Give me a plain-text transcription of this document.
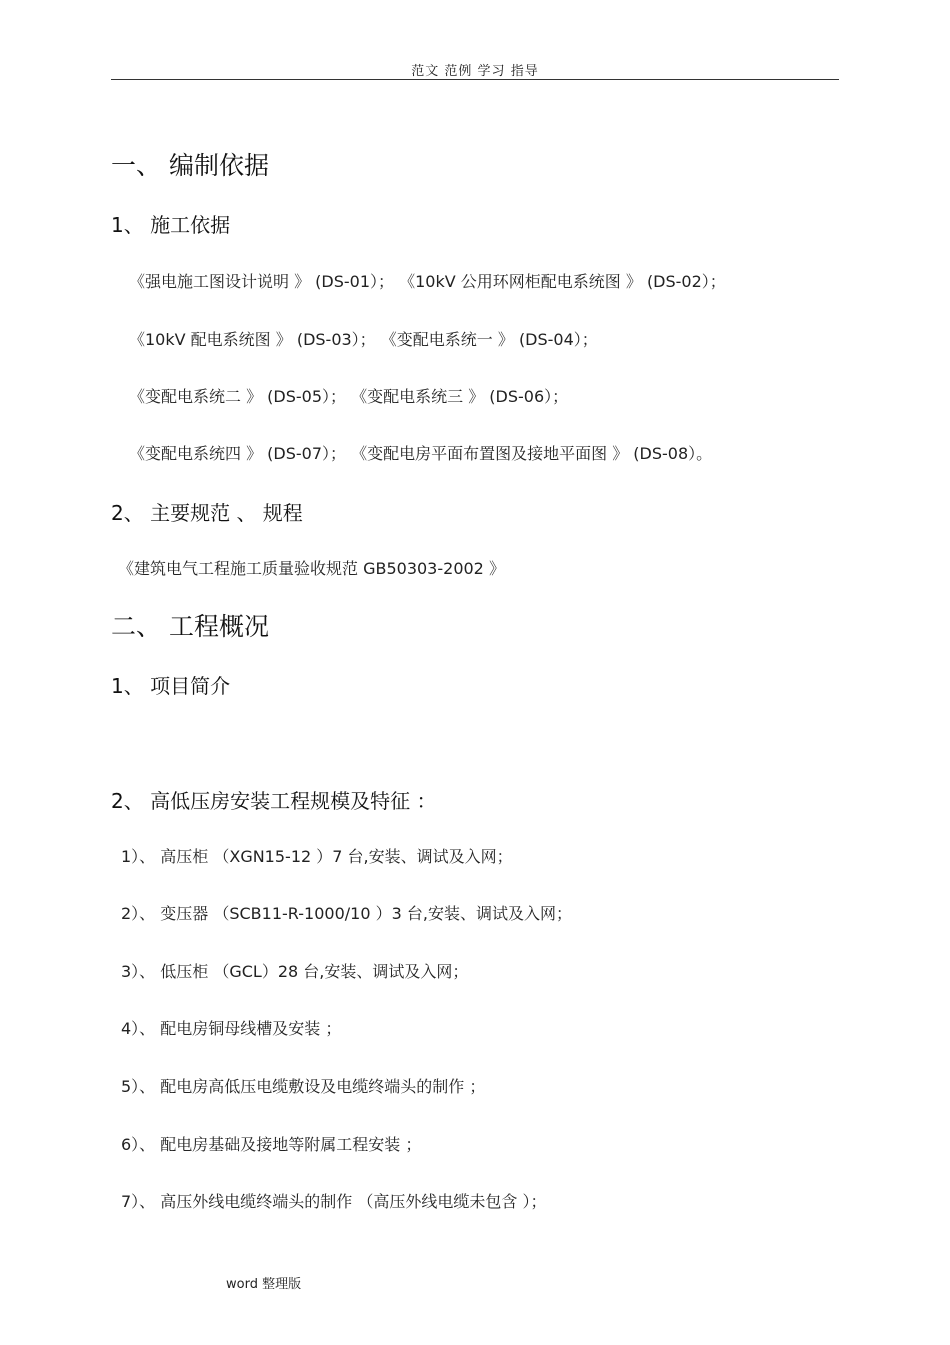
范文 范例 学习 指导
一、 编制依据
1、 施工依据
《强电施工图设计说明 》 (DS-01）； 《10kV 公用环网柜配电系统图 》 (DS-02）；
《10kV 配电系统图 》 (DS-03）； 《变配电系统一 》 (DS-04）；
《变配电系统二 》 (DS-05）； 《变配电系统三 》 (DS-06）；
《变配电系统四 》 (DS-07）； 《变配电房平面布置图及接地平面图 》 (DS-08）。
2、 主要规范 、 规程
《建筑电气工程施工质量验收规范 GB50303-2002 》
二、 工程概况
1、 项目简介
2、 高低压房安装工程规模及特征 ：
1）、 高压柜 （XGN15-12 ）7 台,安装、调试及入网；
2）、 变压器 （SCB11-R-1000/10 ）3 台,安装、调试及入网；
3）、 低压柜 （GCL）28 台,安装、调试及入网；
4）、 配电房铜母线槽及安装 ；
5）、 配电房高低压电缆敷设及电缆终端头的制作 ；
6）、 配电房基础及接地等附属工程安装 ；
7）、 高压外线电缆终端头的制作 （高压外线电缆未包含 ）；
word 整理版
